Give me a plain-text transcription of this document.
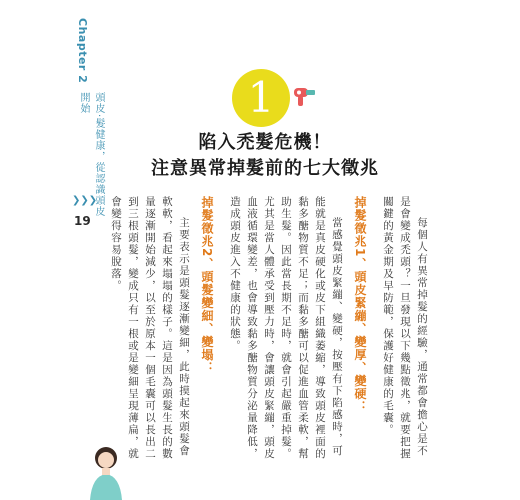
Chapter 2
頭皮·髮健康，從認識頭皮開始
❯❯❯
19
1
陷入禿髮危機！
注意異常掉髮前的七大徵兆

每個人有異常掉髮的經驗，通常都會擔心是不是會變成禿頭？一旦發現以下幾點徵兆，就要把握關鍵的黃金期及早防範，保護好健康的毛囊。

掉髮徵兆1、頭皮緊繃、變厚、變硬：

當感覺頭皮緊繃、變硬，按壓有下陷感時，可能就是真皮硬化或皮下組織萎縮，導致頭皮裡面的黏多醣物質不足；而黏多醣可以促進血管柔軟，幫助生髮。因此當長期不足時，就會引起嚴重掉髮。尤其是當人體承受到壓力時，會讓頭皮緊繃，頭皮血液循環變差，也會導致黏多醣物質分泌量降低，造成頭皮進入不健康的狀態。

掉髮徵兆2、頭髮變細、變塌：

主要表示是頭髮逐漸變細，此時摸起來頭髮會軟軟，看起來塌塌的樣子。這是因為頭髮生長的數量逐漸開始減少，以至於原本一個毛囊可以長出二到三根頭髮，變成只有一根或是變細呈現薄扁，就會變得容易脫落。
